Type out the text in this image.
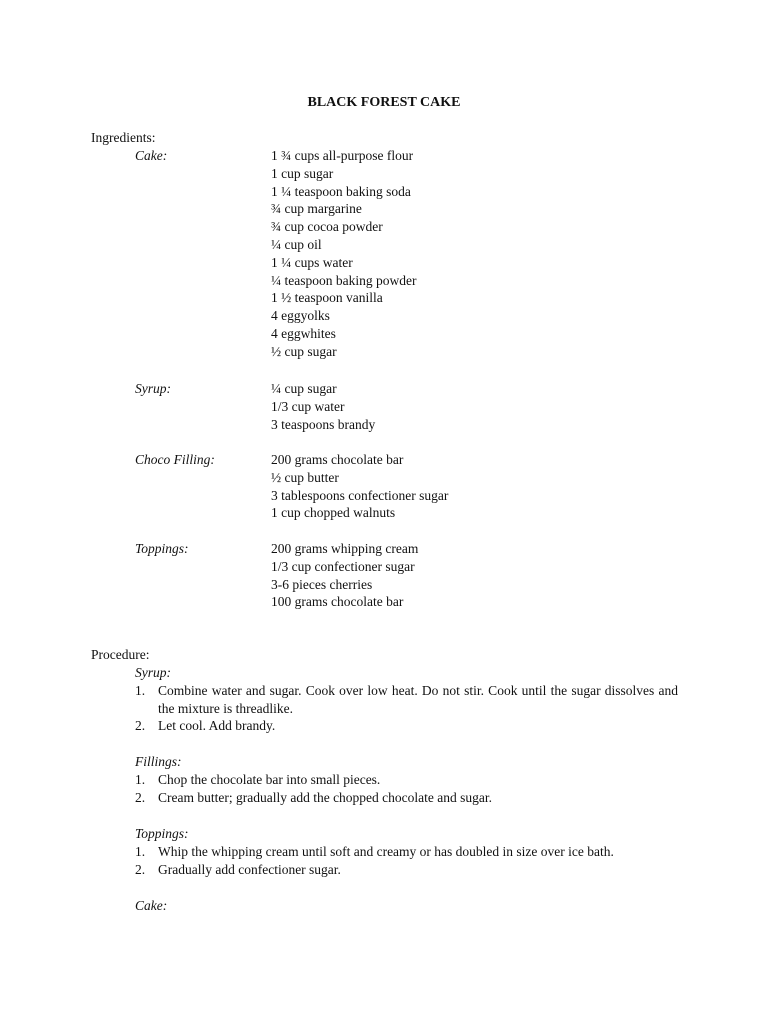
BLACK FOREST CAKE
Ingredients:
Cake:	1 ¾ cups all-purpose flour
1 cup sugar
1 ¼ teaspoon baking soda
¾ cup margarine
¾ cup cocoa powder
¼ cup oil
1 ¼ cups water
¼ teaspoon baking powder
1 ½ teaspoon vanilla
4 eggyolks
4 eggwhites
½ cup sugar
Syrup:	¼ cup sugar
1/3 cup water
3 teaspoons brandy
Choco Filling:	200 grams chocolate bar
½ cup butter
3 tablespoons confectioner sugar
1 cup chopped walnuts
Toppings:	200 grams whipping cream
1/3 cup confectioner sugar
3-6 pieces cherries
100 grams chocolate bar
Procedure:
Syrup:
1. Combine water and sugar. Cook over low heat. Do not stir. Cook until the sugar dissolves and the mixture is threadlike.
2. Let cool. Add brandy.
Fillings:
1. Chop the chocolate bar into small pieces.
2. Cream butter; gradually add the chopped chocolate and sugar.
Toppings:
1. Whip the whipping cream until soft and creamy or has doubled in size over ice bath.
2. Gradually add confectioner sugar.
Cake:
